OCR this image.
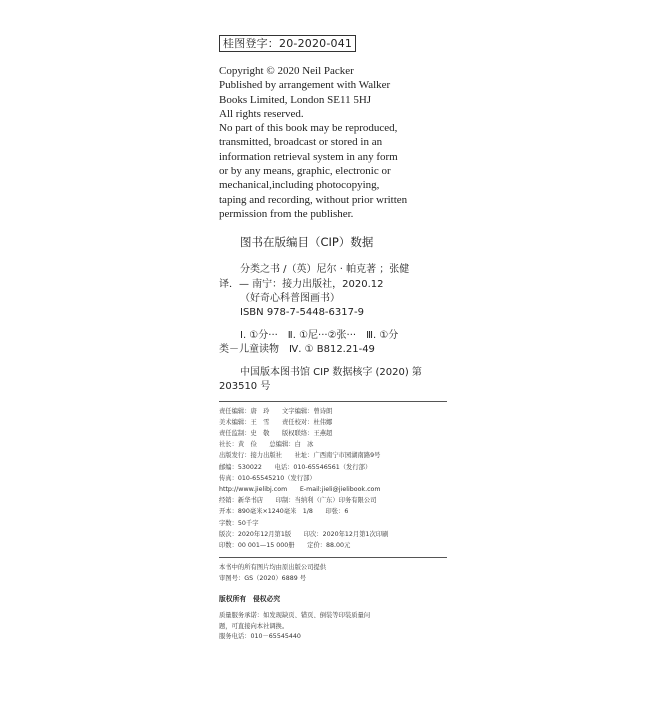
桂图登字：20-2020-041
Copyright © 2020 Neil Packer
Published by arrangement with Walker
Books Limited, London SE11 5HJ
All rights reserved.
No part of this book may be reproduced,
transmitted, broadcast or stored in an
information retrieval system in any form
or by any means, graphic, electronic or
mechanical,including photocopying,
taping and recording, without prior written
permission from the publisher.
图书在版编目（CIP）数据
分类之书 /（英）尼尔 · 帕克著 ；张健
译．— 南宁：接力出版社，2020.12
（好奇心科普图画书）
ISBN 978-7-5448-6317-9
Ⅰ. ①分···　Ⅱ. ①尼···②张···　Ⅲ. ①分
类－儿童读物　Ⅳ. ① B812.21-49
中国版本图书馆 CIP 数据核字 (2020) 第
203510 号
责任编辑：唐　玲　　文字编辑：曾诗朗
美术编辑：王　雪　　责任校对：杜伟娜
责任监制：史　敬　　版权联络：王燕超
社长：黄　俭　　总编辑：白　冰
出版发行：接力出版社　　社址：广西南宁市园湖南路9号
邮编：530022　　电话：010-65546561（发行部）
传真：010-65545210（发行部）
http://www.jielibj.com　　E-mail:jieli@jielibook.com
经销：新华书店　　印制：当纳利（广东）印务有限公司
开本：890毫米×1240毫米　1/8　　印张：6
字数：50千字
版次：2020年12月第1版　　印次：2020年12月第1次印刷
印数：00 001—15 000册　　定价：88.00元
本书中的所有图片均由原出版公司提供
审图号：GS（2020）6889 号
版权所有　侵权必究
质量服务承诺：如发现缺页、错页、倒装等印装质量问
题，可直接向本社调换。
服务电话：010－65545440
